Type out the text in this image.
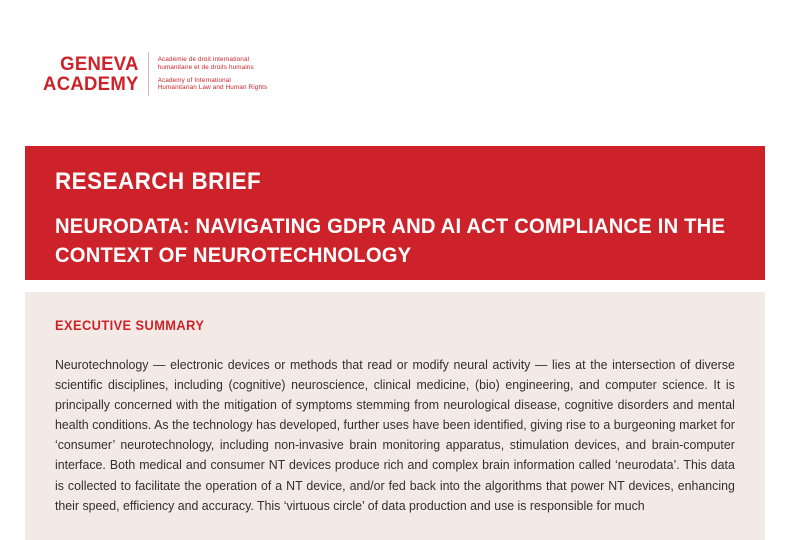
GENEVA
ACADEMY
Académie de droit international
humanitaire et de droits humains
Academy of International
Humanitarian Law and Human Rights
RESEARCH BRIEF
NEURODATA: NAVIGATING GDPR AND AI ACT COMPLIANCE IN THE CONTEXT OF NEUROTECHNOLOGY
EXECUTIVE SUMMARY
Neurotechnology — electronic devices or methods that read or modify neural activity — lies at the intersection of diverse scientific disciplines, including (cognitive) neuroscience, clinical medicine, (bio) engineering, and computer science. It is principally concerned with the mitigation of symptoms stemming from neurological disease, cognitive disorders and mental health conditions. As the technology has developed, further uses have been identified, giving rise to a burgeoning market for ‘consumer’ neurotechnology, including non-invasive brain monitoring apparatus, stimulation devices, and brain-computer interface. Both medical and consumer NT devices produce rich and complex brain information called ‘neurodata’. This data is collected to facilitate the operation of a NT device, and/or fed back into the algorithms that power NT devices, enhancing their speed, efficiency and accuracy. This ‘virtuous circle’ of data production and use is responsible for much
